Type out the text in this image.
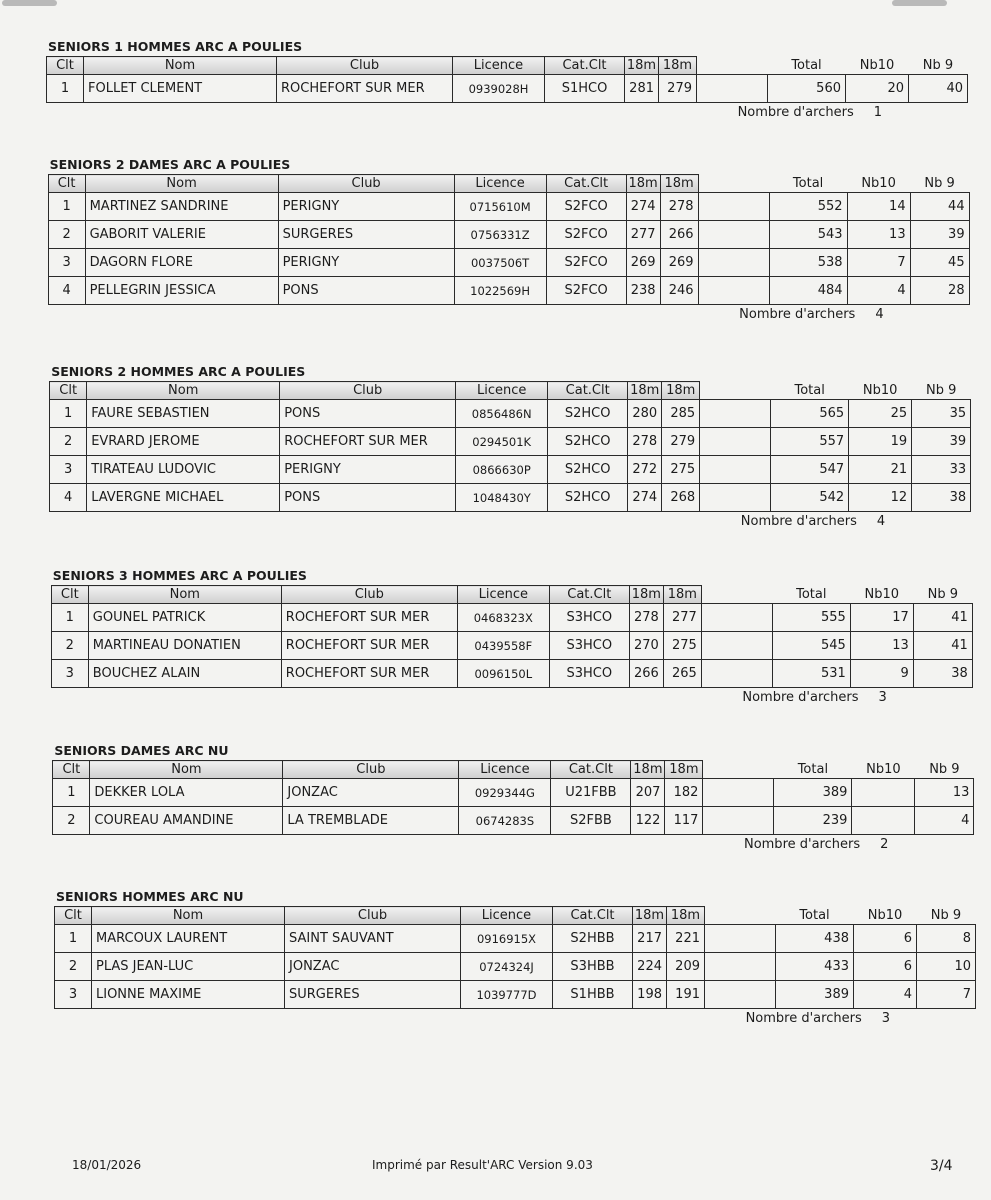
SENIORS 1 HOMMES ARC A POULIES
Clt	Nom	Club	Licence	Cat.Clt	18m	18m		Total	Nb10	Nb 9
1	FOLLET CLEMENT	ROCHEFORT SUR MER	0939028H	S1HCO	281	279		560	20	40
Nombre d'archers 1
SENIORS 2 DAMES ARC A POULIES
Clt	Nom	Club	Licence	Cat.Clt	18m	18m		Total	Nb10	Nb 9
1	MARTINEZ SANDRINE	PERIGNY	0715610M	S2FCO	274	278		552	14	44
2	GABORIT VALERIE	SURGERES	0756331Z	S2FCO	277	266		543	13	39
3	DAGORN FLORE	PERIGNY	0037506T	S2FCO	269	269		538	7	45
4	PELLEGRIN JESSICA	PONS	1022569H	S2FCO	238	246		484	4	28
Nombre d'archers 4
SENIORS 2 HOMMES ARC A POULIES
Clt	Nom	Club	Licence	Cat.Clt	18m	18m		Total	Nb10	Nb 9
1	FAURE SEBASTIEN	PONS	0856486N	S2HCO	280	285		565	25	35
2	EVRARD JEROME	ROCHEFORT SUR MER	0294501K	S2HCO	278	279		557	19	39
3	TIRATEAU LUDOVIC	PERIGNY	0866630P	S2HCO	272	275		547	21	33
4	LAVERGNE MICHAEL	PONS	1048430Y	S2HCO	274	268		542	12	38
Nombre d'archers 4
SENIORS 3 HOMMES ARC A POULIES
Clt	Nom	Club	Licence	Cat.Clt	18m	18m		Total	Nb10	Nb 9
1	GOUNEL PATRICK	ROCHEFORT SUR MER	0468323X	S3HCO	278	277		555	17	41
2	MARTINEAU DONATIEN	ROCHEFORT SUR MER	0439558F	S3HCO	270	275		545	13	41
3	BOUCHEZ ALAIN	ROCHEFORT SUR MER	0096150L	S3HCO	266	265		531	9	38
Nombre d'archers 3
SENIORS DAMES ARC NU
Clt	Nom	Club	Licence	Cat.Clt	18m	18m		Total	Nb10	Nb 9
1	DEKKER LOLA	JONZAC	0929344G	U21FBB	207	182		389		13
2	COUREAU AMANDINE	LA TREMBLADE	0674283S	S2FBB	122	117		239		4
Nombre d'archers 2
SENIORS HOMMES ARC NU
Clt	Nom	Club	Licence	Cat.Clt	18m	18m		Total	Nb10	Nb 9
1	MARCOUX LAURENT	SAINT SAUVANT	0916915X	S2HBB	217	221		438	6	8
2	PLAS JEAN-LUC	JONZAC	0724324J	S3HBB	224	209		433	6	10
3	LIONNE MAXIME	SURGERES	1039777D	S1HBB	198	191		389	4	7
Nombre d'archers 3
18/01/2026	Imprimé par Result'ARC Version 9.03	3/4
